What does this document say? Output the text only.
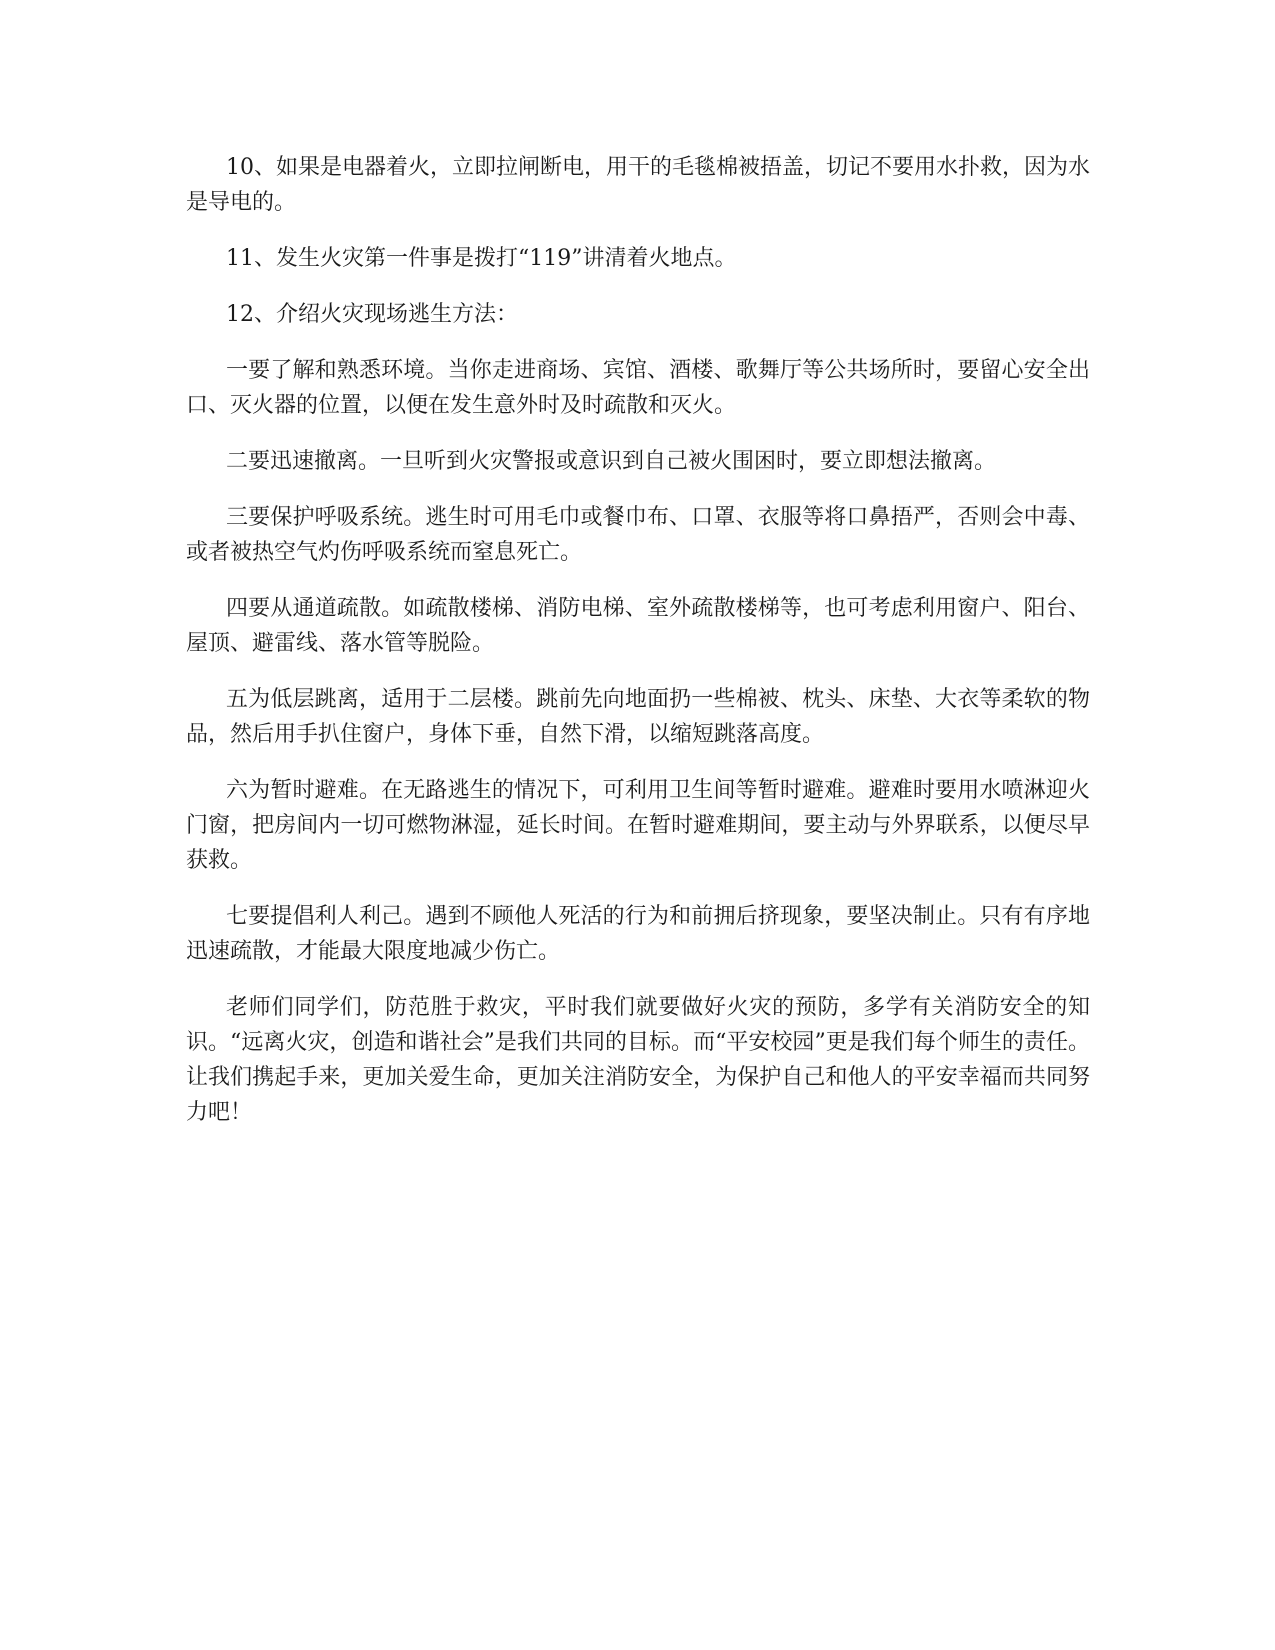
10、如果是电器着火，立即拉闸断电，用干的毛毯棉被捂盖，切记不要用水扑救，因为水是导电的。

11、发生火灾第一件事是拨打“119”讲清着火地点。

12、介绍火灾现场逃生方法：

一要了解和熟悉环境。当你走进商场、宾馆、酒楼、歌舞厅等公共场所时，要留心安全出口、灭火器的位置，以便在发生意外时及时疏散和灭火。

二要迅速撤离。一旦听到火灾警报或意识到自己被火围困时，要立即想法撤离。

三要保护呼吸系统。逃生时可用毛巾或餐巾布、口罩、衣服等将口鼻捂严，否则会中毒、或者被热空气灼伤呼吸系统而窒息死亡。

四要从通道疏散。如疏散楼梯、消防电梯、室外疏散楼梯等，也可考虑利用窗户、阳台、屋顶、避雷线、落水管等脱险。

五为低层跳离，适用于二层楼。跳前先向地面扔一些棉被、枕头、床垫、大衣等柔软的物品，然后用手扒住窗户，身体下垂，自然下滑，以缩短跳落高度。

六为暂时避难。在无路逃生的情况下，可利用卫生间等暂时避难。避难时要用水喷淋迎火门窗，把房间内一切可燃物淋湿，延长时间。在暂时避难期间，要主动与外界联系，以便尽早获救。

七要提倡利人利己。遇到不顾他人死活的行为和前拥后挤现象，要坚决制止。只有有序地迅速疏散，才能最大限度地减少伤亡。

老师们同学们，防范胜于救灾，平时我们就要做好火灾的预防，多学有关消防安全的知识。“远离火灾，创造和谐社会”是我们共同的目标。而“平安校园”更是我们每个师生的责任。让我们携起手来，更加关爱生命，更加关注消防安全，为保护自己和他人的平安幸福而共同努力吧！
